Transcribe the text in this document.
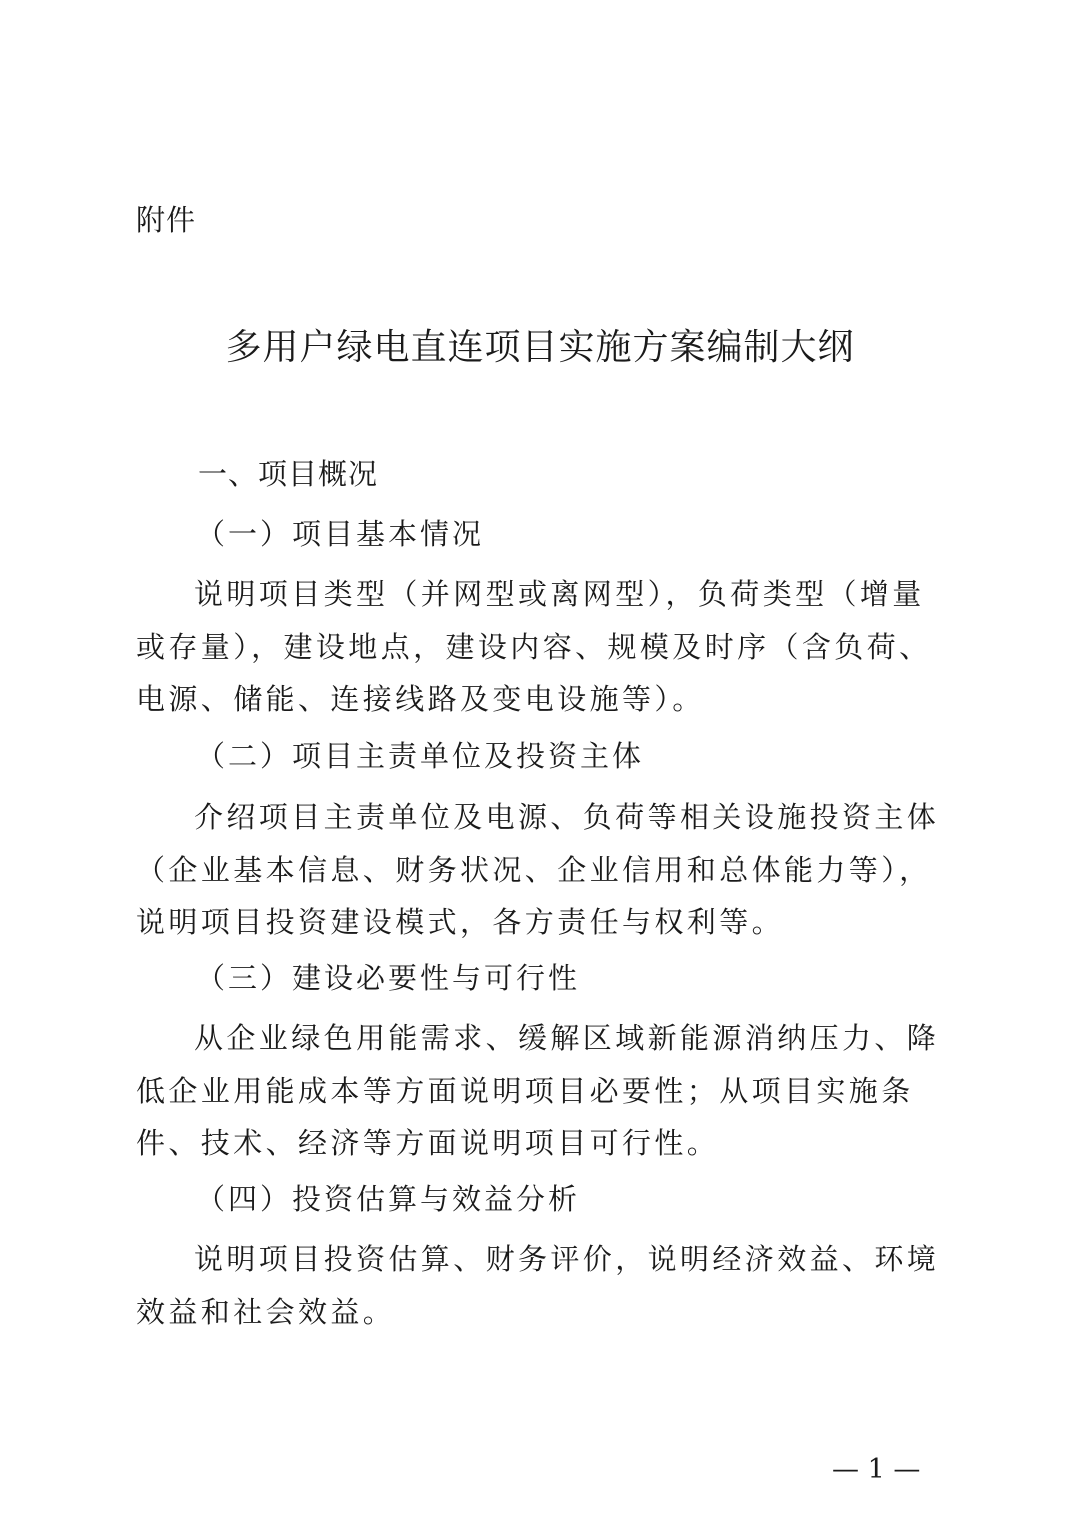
附件
多用户绿电直连项目实施方案编制大纲
一、项目概况
（一）项目基本情况

说明项目类型（并网型或离网型），负荷类型（增量或存量），建设地点，建设内容、规模及时序（含负荷、电源、储能、连接线路及变电设施等）。

（二）项目主责单位及投资主体

介绍项目主责单位及电源、负荷等相关设施投资主体（企业基本信息、财务状况、企业信用和总体能力等），说明项目投资建设模式，各方责任与权利等。

（三）建设必要性与可行性

从企业绿色用能需求、缓解区域新能源消纳压力、降低企业用能成本等方面说明项目必要性；从项目实施条件、技术、经济等方面说明项目可行性。

（四）投资估算与效益分析

说明项目投资估算、财务评价，说明经济效益、环境效益和社会效益。

— 1 —
